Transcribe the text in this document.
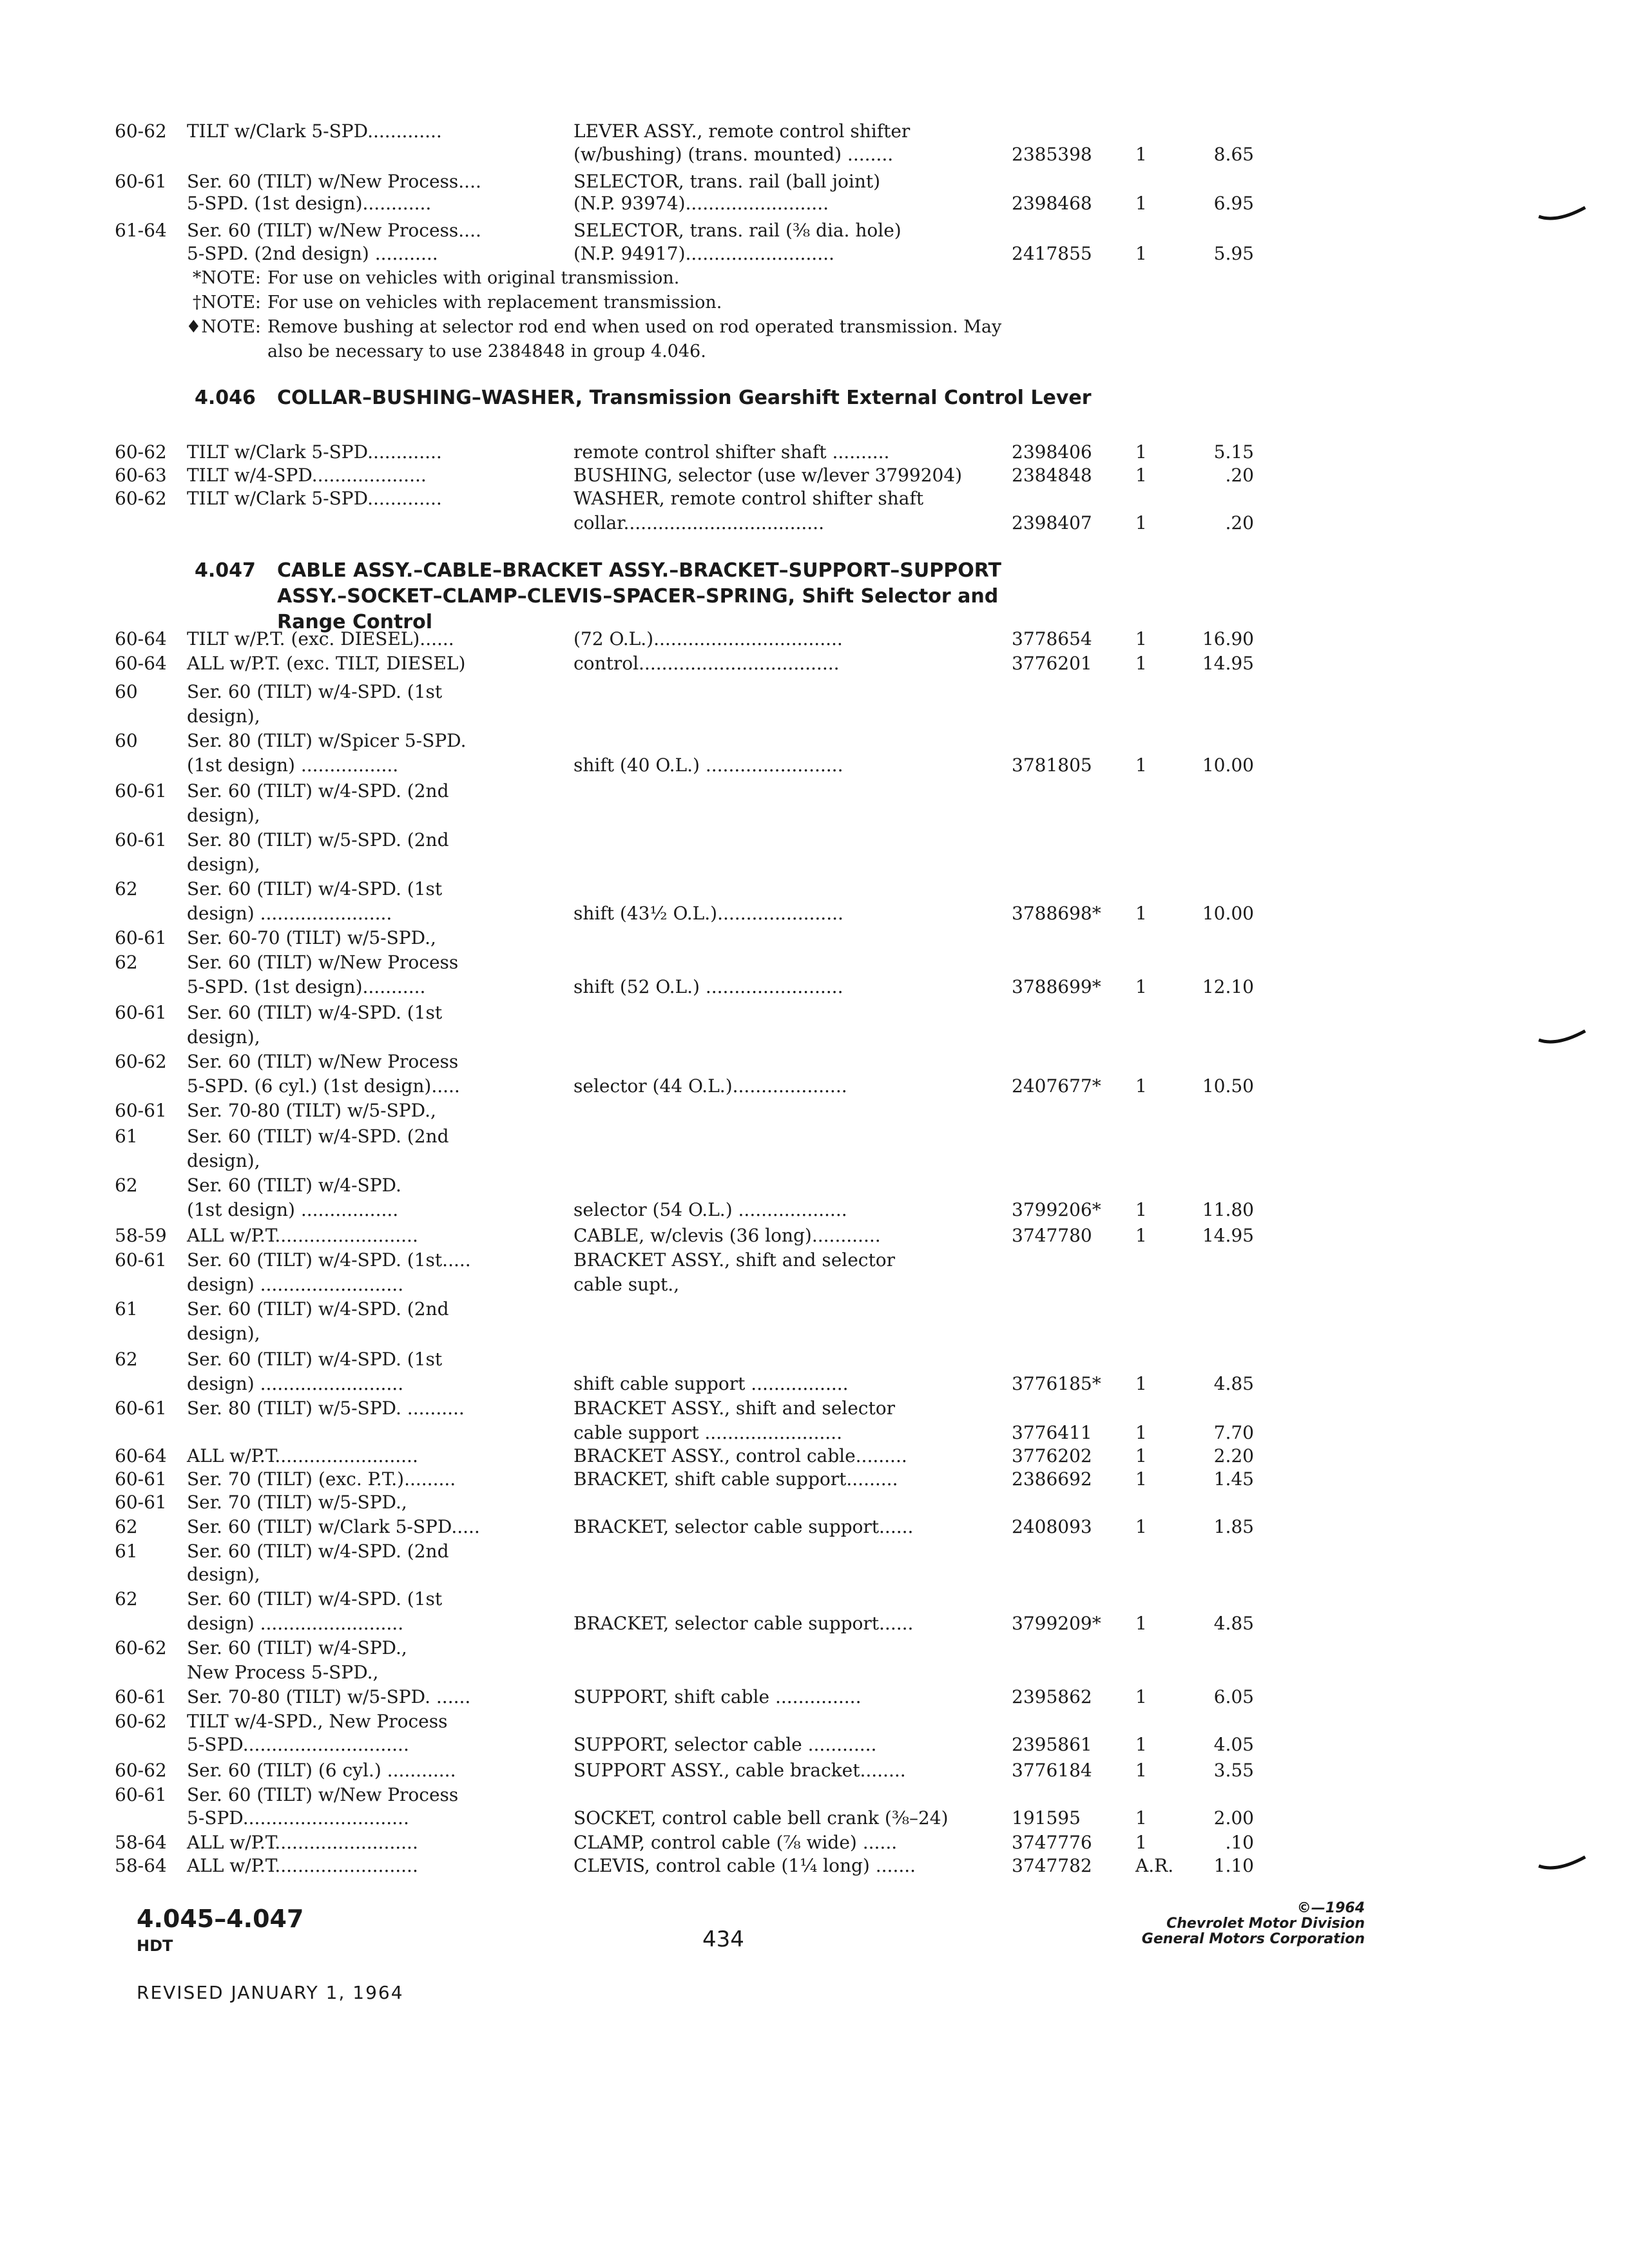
60-62 TILT w/Clark 5-SPD.............	LEVER ASSY., remote control shifter
(w/bushing) (trans. mounted) ........	2385398 1	8.65
60-61 Ser. 60 (TILT) w/New Process....	SELECTOR, trans. rail (ball joint)
5-SPD. (1st design)............	(N.P. 93974).........................	2398468 1	6.95
61-64 Ser. 60 (TILT) w/New Process....	SELECTOR, trans. rail (⅜ dia. hole)
5-SPD. (2nd design) ...........	(N.P. 94917)..........................	2417855 1	5.95
60-62 TILT w/Clark 5-SPD.............	remote control shifter shaft ..........	2398406 1	5.15
60-63 TILT w/4-SPD....................	BUSHING, selector (use w/lever 3799204)	2384848 1	.20
60-62 TILT w/Clark 5-SPD.............	WASHER, remote control shifter shaft
collar...................................	2398407 1	.20
60-64 TILT w/P.T. (exc. DIESEL)......	(72 O.L.).................................	3778654 1	16.90
60-64 ALL w/P.T. (exc. TILT, DIESEL)	control...................................	3776201 1	14.95
60	Ser. 60 (TILT) w/4-SPD. (1st
design),
60	Ser. 80 (TILT) w/Spicer 5-SPD.
(1st design) .................	shift (40 O.L.) ........................	3781805 1	10.00
60-61 Ser. 60 (TILT) w/4-SPD. (2nd
design),
60-61 Ser. 80 (TILT) w/5-SPD. (2nd
design),
62	Ser. 60 (TILT) w/4-SPD. (1st
design) .......................	shift (43½ O.L.)......................	3788698* 1	10.00
60-61 Ser. 60-70 (TILT) w/5-SPD.,
62	Ser. 60 (TILT) w/New Process
5-SPD. (1st design)...........	shift (52 O.L.) ........................	3788699* 1	12.10
60-61 Ser. 60 (TILT) w/4-SPD. (1st
design),
60-62 Ser. 60 (TILT) w/New Process
5-SPD. (6 cyl.) (1st design).....	selector (44 O.L.)....................	2407677* 1	10.50
60-61 Ser. 70-80 (TILT) w/5-SPD.,
61	Ser. 60 (TILT) w/4-SPD. (2nd
design),
62	Ser. 60 (TILT) w/4-SPD.
(1st design) .................	selector (54 O.L.) ...................	3799206* 1	11.80
58-59 ALL w/P.T.........................	CABLE, w/clevis (36 long)............	3747780 1	14.95
60-61 Ser. 60 (TILT) w/4-SPD. (1st.....	BRACKET ASSY., shift and selector
design) .........................	cable supt.,
61	Ser. 60 (TILT) w/4-SPD. (2nd
design),
62	Ser. 60 (TILT) w/4-SPD. (1st
design) .........................	shift cable support .................	3776185* 1	4.85
60-61 Ser. 80 (TILT) w/5-SPD. ..........	BRACKET ASSY., shift and selector
cable support ........................	3776411 1	7.70
60-64 ALL w/P.T.........................	BRACKET ASSY., control cable.........	3776202 1	2.20
60-61 Ser. 70 (TILT) (exc. P.T.).........	BRACKET, shift cable support.........	2386692 1	1.45
60-61 Ser. 70 (TILT) w/5-SPD.,
62	Ser. 60 (TILT) w/Clark 5-SPD.....	BRACKET, selector cable support......	2408093 1	1.85
61	Ser. 60 (TILT) w/4-SPD. (2nd
design),
62	Ser. 60 (TILT) w/4-SPD. (1st
design) .........................	BRACKET, selector cable support......	3799209* 1	4.85
60-62 Ser. 60 (TILT) w/4-SPD.,
New Process 5-SPD.,
60-61 Ser. 70-80 (TILT) w/5-SPD. ......	SUPPORT, shift cable ...............	2395862 1	6.05
60-62 TILT w/4-SPD., New Process
5-SPD.............................	SUPPORT, selector cable ............	2395861 1	4.05
60-62 Ser. 60 (TILT) (6 cyl.) ............	SUPPORT ASSY., cable bracket........	3776184 1	3.55
60-61 Ser. 60 (TILT) w/New Process
5-SPD.............................	SOCKET, control cable bell crank (⅜–24)	191595	1	2.00
58-64 ALL w/P.T.........................	CLAMP, control cable (⅞ wide) ......	3747776 1	.10
58-64 ALL w/P.T.........................	CLEVIS, control cable (1¼ long) .......	3747782 A.R.	1.10
*NOTE: For use on vehicles with original transmission.
†NOTE: For use on vehicles with replacement transmission.
♦NOTE: Remove bushing at selector rod end when used on rod operated transmission. May
also be necessary to use 2384848 in group 4.046.
4.046 COLLAR–BUSHING–WASHER, Transmission Gearshift External Control Lever
4.047 CABLE ASSY.–CABLE–BRACKET ASSY.–BRACKET–SUPPORT–SUPPORT
ASSY.–SOCKET–CLAMP–CLEVIS–SPACER–SPRING, Shift Selector and
Range Control
4.045–4.047
HDT	434
©—1964
Chevrolet Motor Division
General Motors Corporation
REVISED JANUARY 1, 1964
